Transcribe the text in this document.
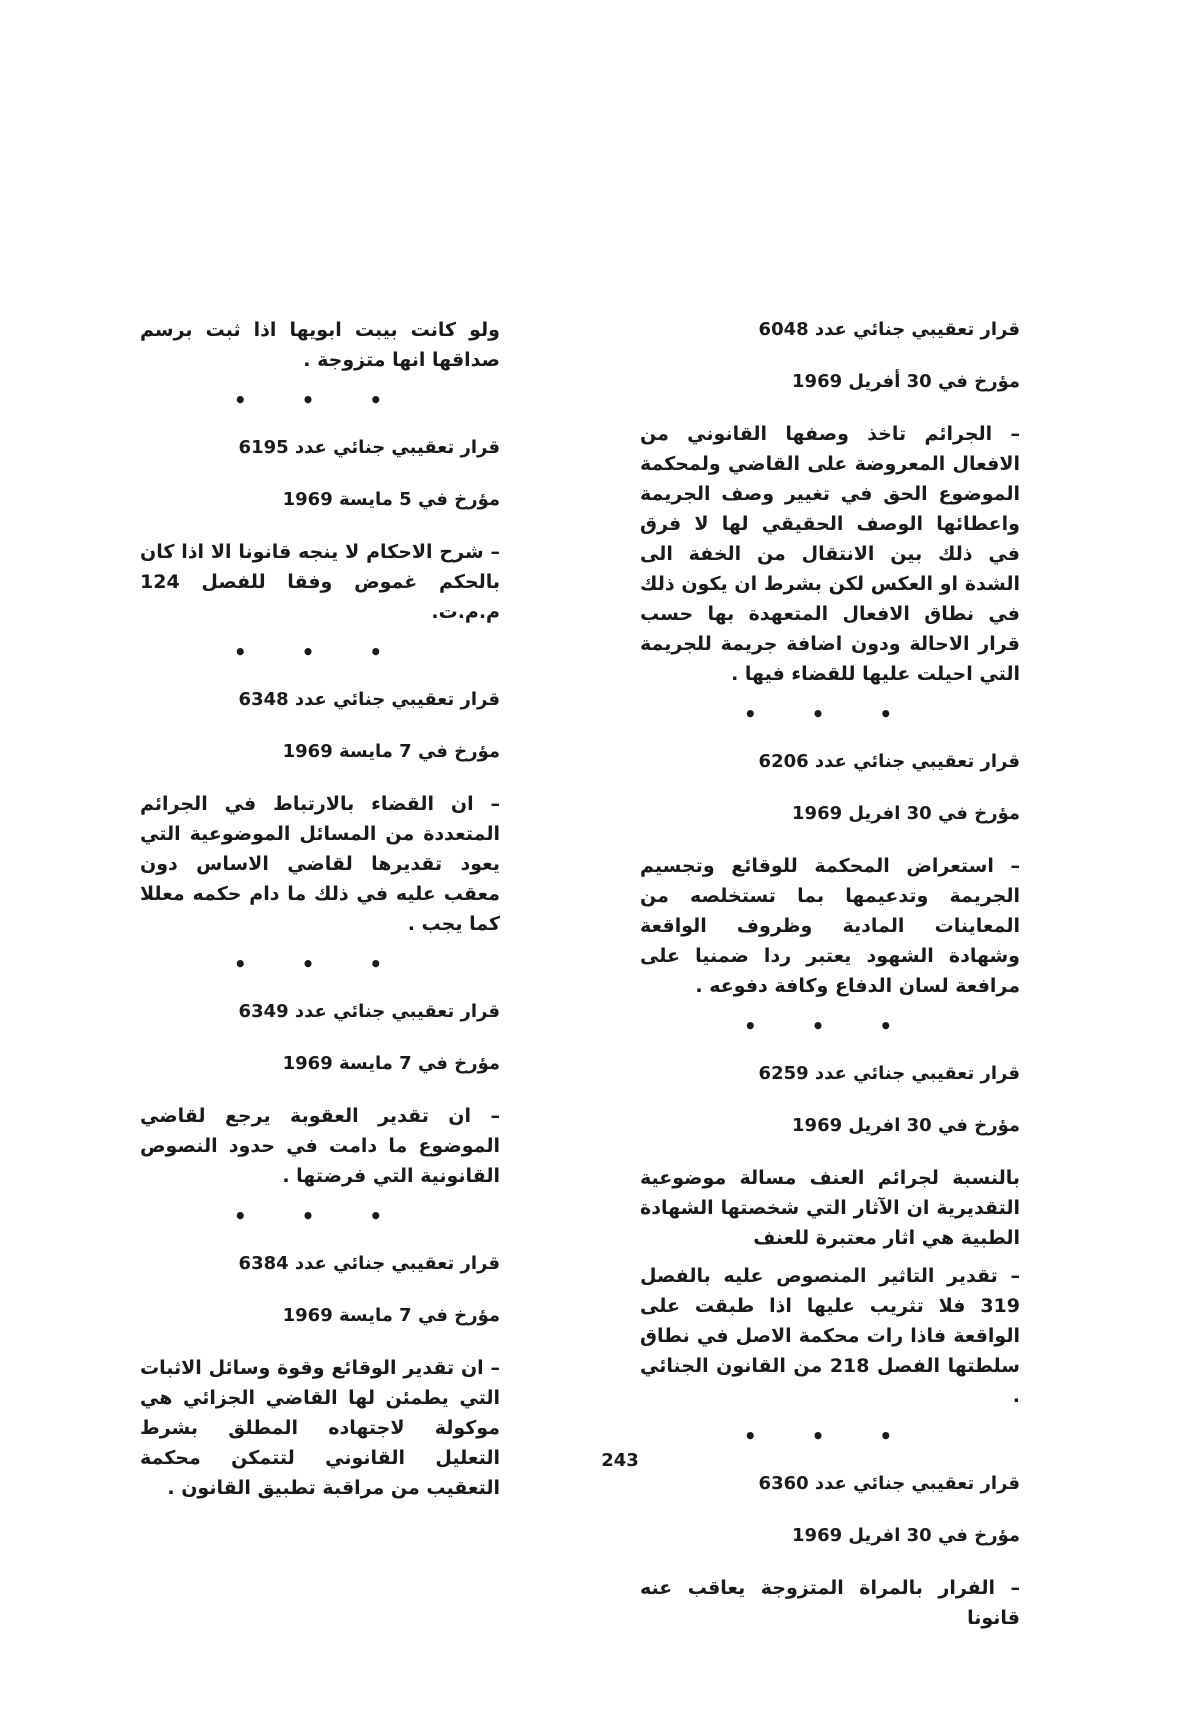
قرار تعقيبي جنائي عدد 6048
مؤرخ في 30 أفريل 1969

– الجرائم تاخذ وصفها القانوني من الافعال المعروضة على القاضي ولمحكمة الموضوع الحق في تغيير وصف الجريمة واعطائها الوصف الحقيقي لها لا فرق في ذلك بين الانتقال من الخفة الى الشدة او العكس لكن بشرط ان يكون ذلك في نطاق الافعال المتعهدة بها حسب قرار الاحالة ودون اضافة جريمة للجريمة التي احيلت عليها للقضاء فيها .

• • •
قرار تعقيبي جنائي عدد 6206
مؤرخ في 30 افريل 1969

– استعراض المحكمة للوقائع وتجسيم الجريمة وتدعيمها بما تستخلصه من المعاينات المادية وظروف الواقعة وشهادة الشهود يعتبر ردا ضمنيا على مرافعة لسان الدفاع وكافة دفوعه .

• • •
قرار تعقيبي جنائي عدد 6259
مؤرخ في 30 افريل 1969

بالنسبة لجرائم العنف مسالة موضوعية التقديرية ان الآثار التي شخصتها الشهادة الطبية هي اثار معتبرة للعنف

– تقدير التاثير المنصوص عليه بالفصل 319 فلا تثريب عليها اذا طبقت على الواقعة فاذا رات محكمة الاصل في نطاق سلطتها الفصل 218 من القانون الجنائي .

• • •
قرار تعقيبي جنائي عدد 6360
مؤرخ في 30 افريل 1969

– الفرار بالمراة المتزوجة يعاقب عنه قانونا

ولو كانت بيبت ابويها اذا ثبت برسم صداقها انها متزوجة .

• • •
قرار تعقيبي جنائي عدد 6195
مؤرخ في 5 مايسة 1969

– شرح الاحكام لا ينجه قانونا الا اذا كان بالحكم غموض وفقا للفصل 124 م.م.ت.

• • •
قرار تعقيبي جنائي عدد 6348
مؤرخ في 7 مايسة 1969

– ان القضاء بالارتباط في الجرائم المتعددة من المسائل الموضوعية التي يعود تقديرها لقاضي الاساس دون معقب عليه في ذلك ما دام حكمه معللا كما يجب .

• • •
قرار تعقيبي جنائي عدد 6349
مؤرخ في 7 مايسة 1969

– ان تقدير العقوبة يرجع لقاضي الموضوع ما دامت في حدود النصوص القانونية التي فرضتها .

• • •
قرار تعقيبي جنائي عدد 6384
مؤرخ في 7 مايسة 1969

– ان تقدير الوقائع وقوة وسائل الاثبات التي يطمئن لها القاضي الجزائي هي موكولة لاجتهاده المطلق بشرط التعليل القانوني لتتمكن محكمة التعقيب من مراقبة تطبيق القانون .

243
